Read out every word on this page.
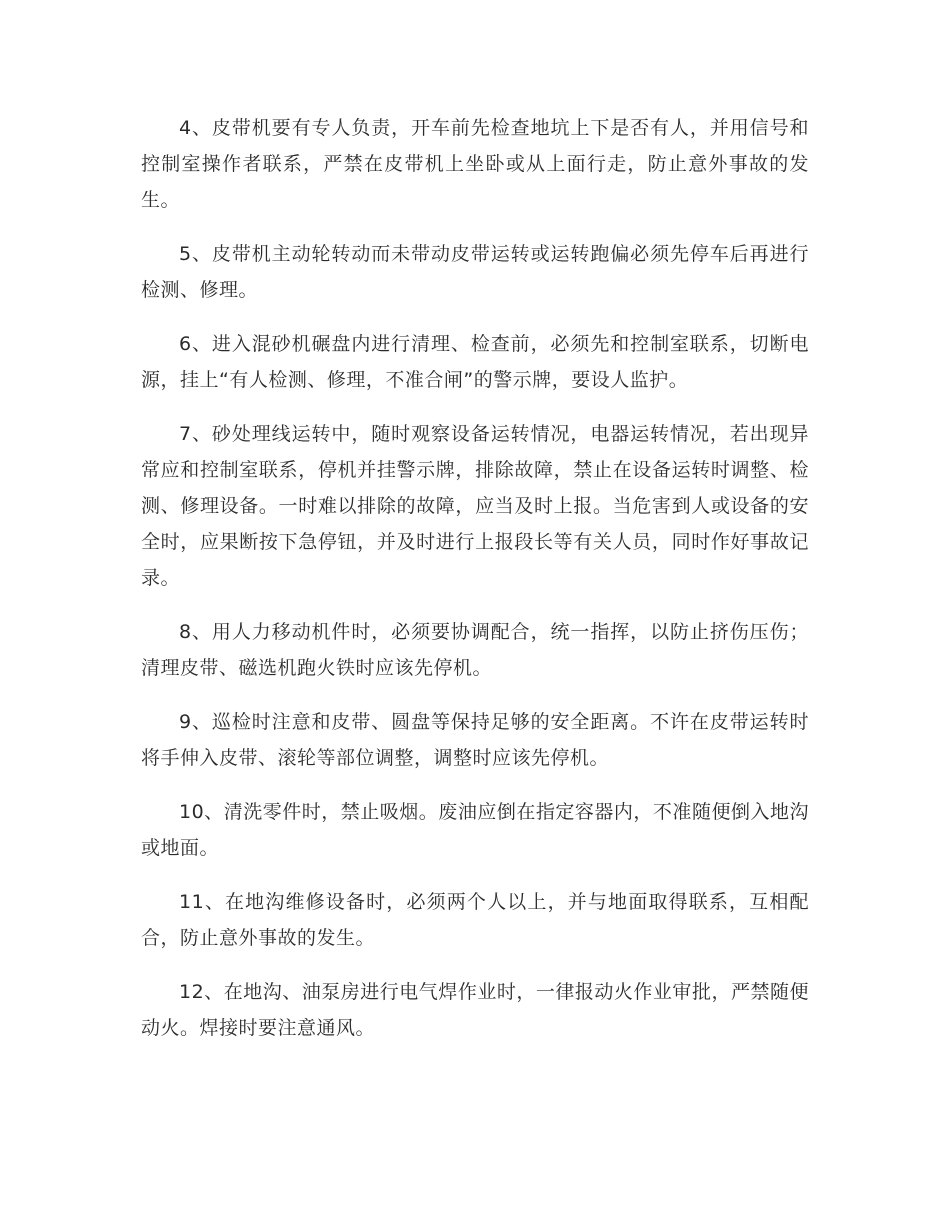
4、皮带机要有专人负责，开车前先检查地坑上下是否有人，并用信号和控制室操作者联系，严禁在皮带机上坐卧或从上面行走，防止意外事故的发生。

5、皮带机主动轮转动而未带动皮带运转或运转跑偏必须先停车后再进行检测、修理。

6、进入混砂机碾盘内进行清理、检查前，必须先和控制室联系，切断电源，挂上“有人检测、修理，不准合闸”的警示牌，要设人监护。

7、砂处理线运转中，随时观察设备运转情况，电器运转情况，若出现异常应和控制室联系，停机并挂警示牌，排除故障，禁止在设备运转时调整、检测、修理设备。一时难以排除的故障，应当及时上报。当危害到人或设备的安全时，应果断按下急停钮，并及时进行上报段长等有关人员，同时作好事故记录。

8、用人力移动机件时，必须要协调配合，统一指挥，以防止挤伤压伤；清理皮带、磁选机跑火铁时应该先停机。

9、巡检时注意和皮带、圆盘等保持足够的安全距离。不许在皮带运转时将手伸入皮带、滚轮等部位调整，调整时应该先停机。

10、清洗零件时，禁止吸烟。废油应倒在指定容器内，不准随便倒入地沟或地面。

11、在地沟维修设备时，必须两个人以上，并与地面取得联系，互相配合，防止意外事故的发生。

12、在地沟、油泵房进行电气焊作业时，一律报动火作业审批，严禁随便动火。焊接时要注意通风。
